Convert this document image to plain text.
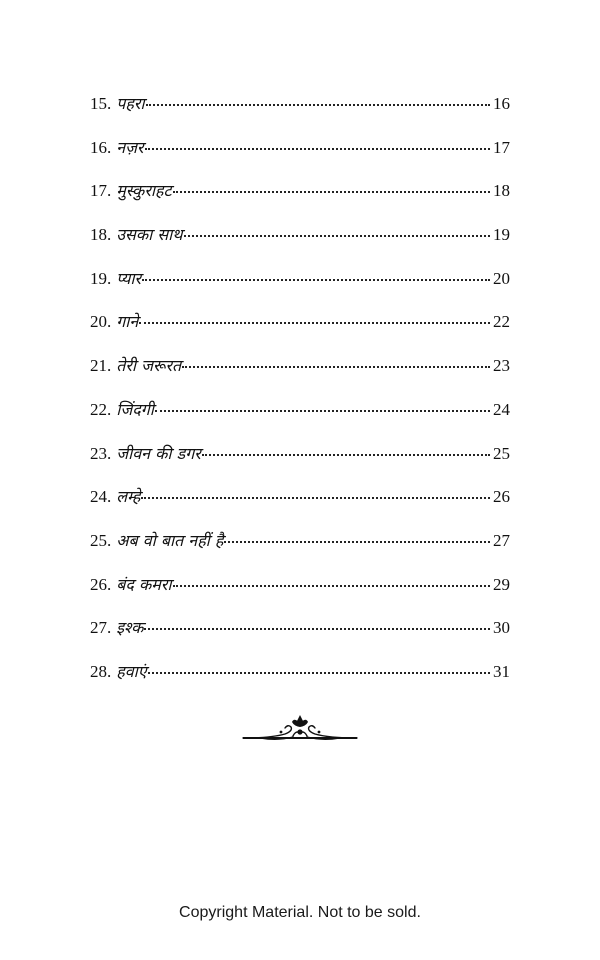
15. पहरा	16
16. नज़र	17
17. मुस्कुराहट	18
18. उसका साथ	19
19. प्यार	20
20. गाने	22
21. तेरी जरूरत	23
22. जिंदगी	24
23. जीवन की डगर	25
24. लम्हे	26
25. अब वो बात नहीं है	27
26. बंद कमरा	29
27. इश्क	30
28. हवाएं	31
Copyright Material. Not to be sold.
